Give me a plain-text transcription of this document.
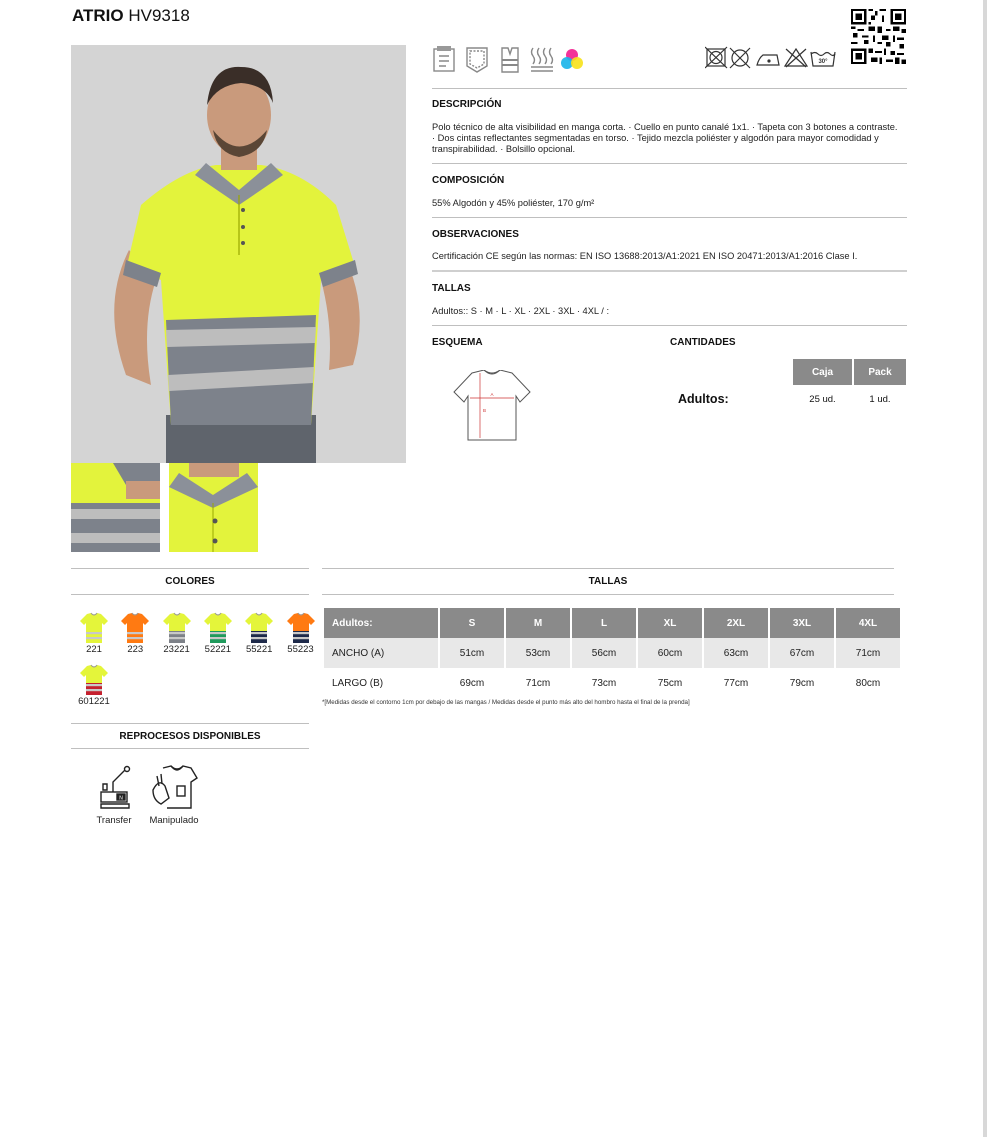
ATRIO HV9318
30°
DESCRIPCIÓN
Polo técnico de alta visibilidad en manga corta. · Cuello en punto canalé 1x1. · Tapeta con 3 botones a contraste. · Dos cintas reflectantes segmentadas en torso. · Tejido mezcla poliéster y algodón para mayor comodidad y transpirabilidad. · Bolsillo opcional.
COMPOSICIÓN
55% Algodón y 45% poliéster, 170 g/m²
OBSERVACIONES
Certificación CE según las normas: EN ISO 13688:2013/A1:2021 EN ISO 20471:2013/A1:2016 Clase I.
TALLAS
Adultos:: S · M · L · XL · 2XL · 3XL · 4XL / :
ESQUEMA	CANTIDADES
A
B
Caja	Pack
Adultos:	25 ud.	1 ud.
COLORES
221	223	23221 52221 55221 55223
601221
REPROCESOS DISPONIBLES
N
Transfer	Manipulado
TALLAS
Adultos:	S	M	L	XL	2XL	3XL	4XL
ANCHO (A)	51cm	53cm	56cm	60cm	63cm	67cm	71cm
LARGO (B)	69cm	71cm	73cm	75cm	77cm	79cm	80cm
*[Medidas desde el contorno 1cm por debajo de las mangas / Medidas desde el punto más alto del hombro hasta el final de la prenda]
